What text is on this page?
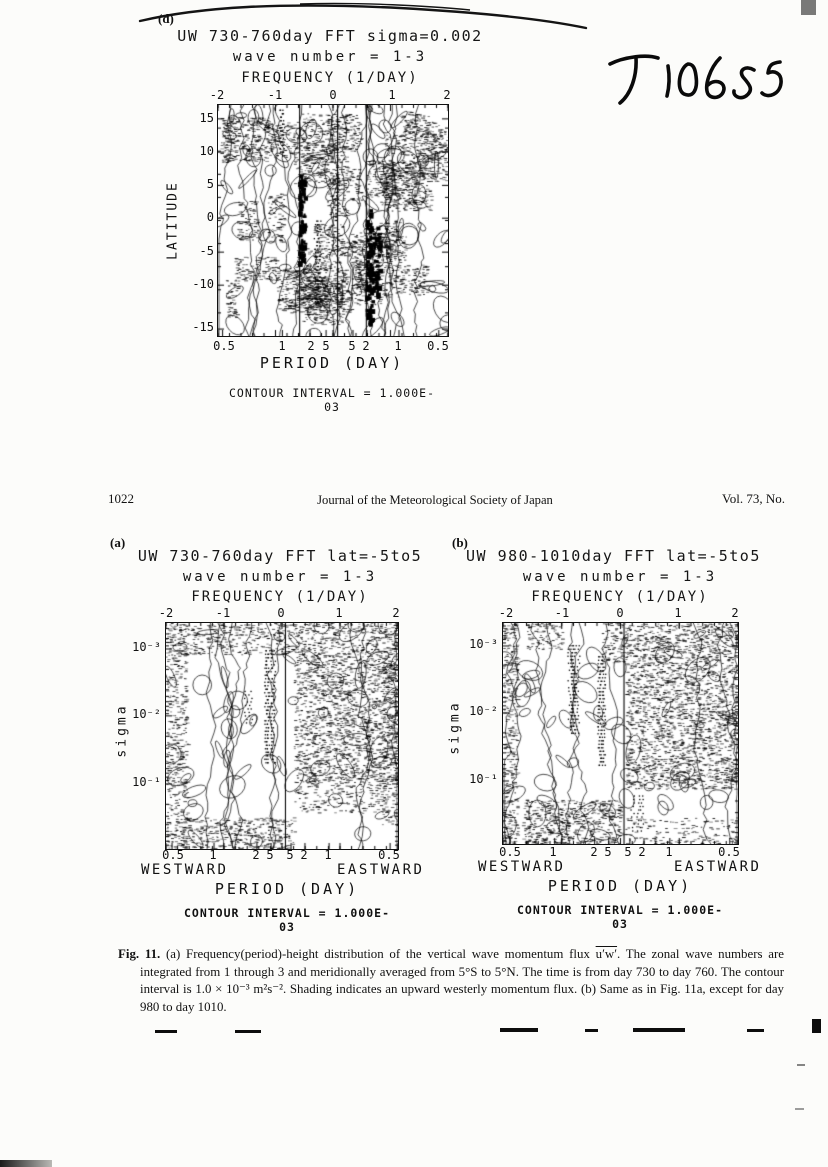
(d)
UW 730-760day FFT sigma=0.002
wave number = 1-3
FREQUENCY (1/DAY)
-2	-1	0	1	2
15
10
5
0
-5
-10
-15
LATITUDE
0.5	1 2 5 5 2 1 0.5
PERIOD (DAY)
CONTOUR INTERVAL = 1.000E-03
1022	Journal of the Meteorological Society of Japan	Vol. 73, No.
(a)
UW 730-760day FFT lat=-5to5
wave number = 1-3
FREQUENCY (1/DAY)
-2	-1	0	1	2
10⁻³
10⁻²
10⁻¹
sigma
0.5 1	2 5 5 2 1	0.5
WESTWARD	EASTWARD
PERIOD (DAY)
CONTOUR INTERVAL = 1.000E-03
(b)
UW 980-1010day FFT lat=-5to5
wave number = 1-3
FREQUENCY (1/DAY)
-2	-1	0	1	2
10⁻³
10⁻²
10⁻¹
sigma
0.5 1	2 5 5 2 1	0.5
WESTWARD	EASTWARD
PERIOD (DAY)
CONTOUR INTERVAL = 1.000E-03
Fig. 11. (a) Frequency(period)-height distribution of the vertical wave momentum flux u′w′. The zonal wave numbers are integrated from 1 through 3 and meridionally averaged from 5°S to 5°N. The time is from day 730 to day 760. The contour interval is 1.0 × 10⁻³ m²s⁻². Shading indicates an upward westerly momentum flux. (b) Same as in Fig. 11a, except for day 980 to day 1010.
